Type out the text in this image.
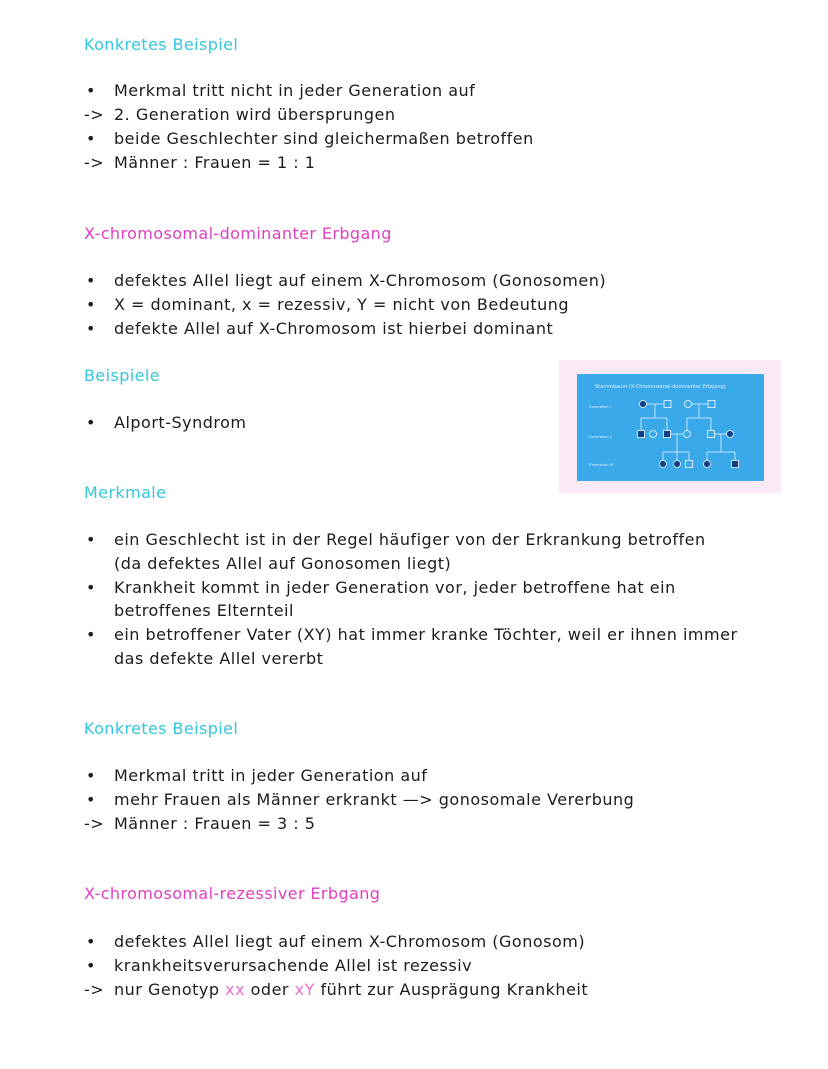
Konkretes Beispiel
• Merkmal tritt nicht in jeder Generation auf
-> 2. Generation wird übersprungen
• beide Geschlechter sind gleichermaßen betroffen
-> Männer : Frauen = 1 : 1
X-chromosomal-dominanter Erbgang
• defektes Allel liegt auf einem X-Chromosom (Gonosomen)
• X = dominant, x = rezessiv, Y = nicht von Bedeutung
• defekte Allel auf X-Chromosom ist hierbei dominant
Beispiele
• Alport-Syndrom
Stammbaum (X-Chromosomal-dominanter Erbgang)
Generation I
Generation II
Generation III
Merkmale
• ein Geschlecht ist in der Regel häufiger von der Erkrankung betroffen
(da defektes Allel auf Gonosomen liegt)
• Krankheit kommt in jeder Generation vor, jeder betroffene hat ein
betroffenes Elternteil
• ein betroffener Vater (XY) hat immer kranke Töchter, weil er ihnen immer
das defekte Allel vererbt
Konkretes Beispiel
• Merkmal tritt in jeder Generation auf
• mehr Frauen als Männer erkrankt —> gonosomale Vererbung
-> Männer : Frauen = 3 : 5
X-chromosomal-rezessiver Erbgang
• defektes Allel liegt auf einem X-Chromosom (Gonosom)
• krankheitsverursachende Allel ist rezessiv
-> nur Genotyp xx oder xY führt zur Ausprägung Krankheit
